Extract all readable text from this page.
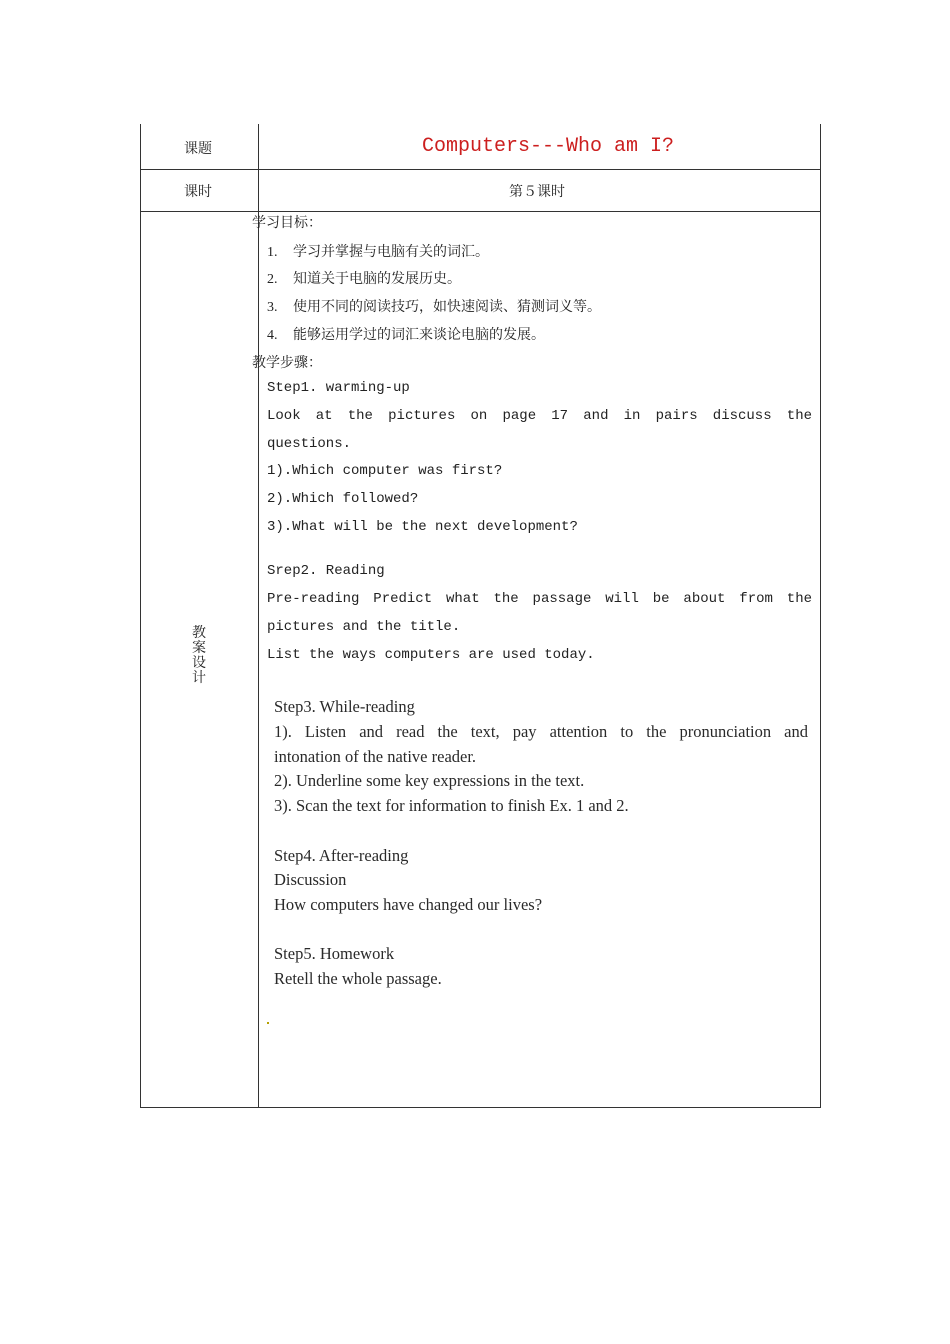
课题	Computers---Who am I?
课时	第５课时
教案设计
学习目标：
1. 学习并掌握与电脑有关的词汇。
2. 知道关于电脑的发展历史。
3. 使用不同的阅读技巧，如快速阅读、猜测词义等。
4. 能够运用学过的词汇来谈论电脑的发展。
教学步骤：
Step1. warming-up
Look at the pictures on page 17 and in pairs discuss the
questions.
1).Which computer was first?
2).Which followed?
3).What will be the next development?
Srep2. Reading
Pre-reading Predict what the passage will be about from the
pictures and the title.
List the ways computers are used today.
Step3. While-reading
1). Listen and read the text, pay attention to the pronunciation and
intonation of the native reader.
2). Underline some key expressions in the text.
3). Scan the text for information to finish Ex. 1 and 2.
Step4. After-reading
Discussion
How computers have changed our lives?
Step5. Homework
Retell the whole passage.
